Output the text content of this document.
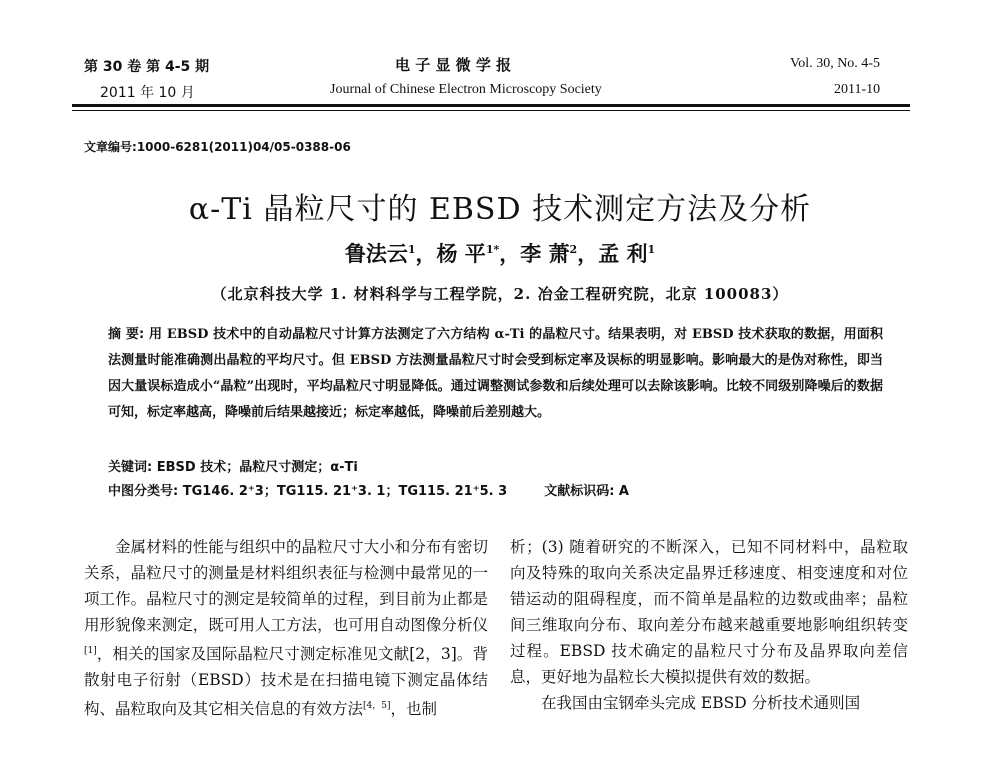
第 30 卷 第 4-5 期
2011 年 10 月
电 子 显 微 学 报
Journal of Chinese Electron Microscopy Society
Vol. 30, No. 4-5
2011-10
文章编号:1000-6281(2011)04/05-0388-06
α-Ti 晶粒尺寸的 EBSD 技术测定方法及分析
鲁法云$^1$，杨 平$^{1*}$，李 萧$^2$，孟 利$^1$
（北京科技大学 1. 材料科学与工程学院，2. 冶金工程研究院，北京 100083）
摘 要: 用 EBSD 技术中的自动晶粒尺寸计算方法测定了六方结构 α-Ti 的晶粒尺寸。结果表明，对 EBSD 技术获取的数据，用面积法测量时能准确测出晶粒的平均尺寸。但 EBSD 方法测量晶粒尺寸时会受到标定率及误标的明显影响。影响最大的是伪对称性，即当因大量误标造成小“晶粒”出现时，平均晶粒尺寸明显降低。通过调整测试参数和后续处理可以去除该影响。比较不同级别降噪后的数据可知，标定率越高，降噪前后结果越接近；标定率越低，降噪前后差别越大。
关键词: EBSD 技术；晶粒尺寸测定；α-Ti
中图分类号: TG146. 2⁺3；TG115. 21⁺3. 1；TG115. 21⁺5. 3	文献标识码: A

金属材料的性能与组织中的晶粒尺寸大小和分布有密切关系，晶粒尺寸的测量是材料组织表征与检测中最常见的一项工作。晶粒尺寸的测定是较简单的过程，到目前为止都是用形貌像来测定，既可用人工方法，也可用自动图像分析仪[1]，相关的国家及国际晶粒尺寸测定标准见文献[2，3]。背散射电子衍射（EBSD）技术是在扫描电镜下测定晶体结构、晶粒取向及其它相关信息的有效方法[4，5]，也制

析；(3) 随着研究的不断深入，已知不同材料中，晶粒取向及特殊的取向关系决定晶界迁移速度、相变速度和对位错运动的阻碍程度，而不简单是晶粒的边数或曲率；晶粒间三维取向分布、取向差分布越来越重要地影响组织转变过程。EBSD 技术确定的晶粒尺寸分布及晶界取向差信息，更好地为晶粒长大模拟提供有效的数据。

在我国由宝钢牵头完成 EBSD 分析技术通则国
